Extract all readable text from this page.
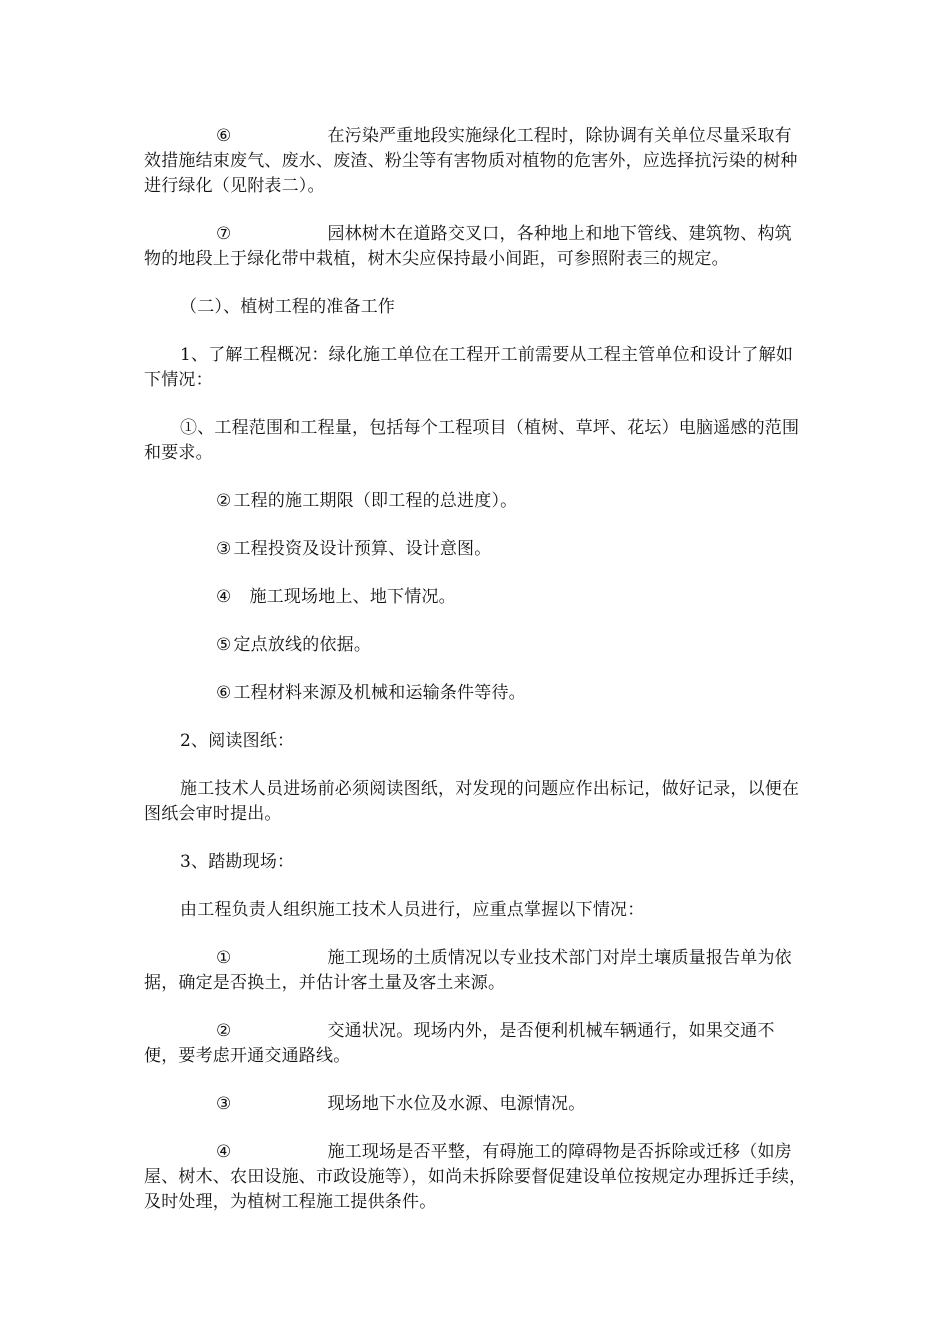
⑥	在污染严重地段实施绿化工程时，除协调有关单位尽量采取有效措施结束废气、废水、废渣、粉尘等有害物质对植物的危害外，应选择抗污染的树种进行绿化（见附表二）。

⑦	园林树木在道路交叉口，各种地上和地下管线、建筑物、构筑物的地段上于绿化带中栽植，树木尖应保持最小间距，可参照附表三的规定。

（二）、植树工程的准备工作

1、了解工程概况：绿化施工单位在工程开工前需要从工程主管单位和设计了解如下情况：

①、工程范围和工程量，包括每个工程项目（植树、草坪、花坛）电脑遥感的范围和要求。

② 工程的施工期限（即工程的总进度）。

③ 工程投资及设计预算、设计意图。

④ 施工现场地上、地下情况。

⑤ 定点放线的依据。

⑥ 工程材料来源及机械和运输条件等待。

2、阅读图纸：

施工技术人员进场前必须阅读图纸，对发现的问题应作出标记，做好记录，以便在图纸会审时提出。

3、踏勘现场：

由工程负责人组织施工技术人员进行，应重点掌握以下情况：

①	施工现场的土质情况以专业技术部门对岸土壤质量报告单为依据，确定是否换土，并估计客土量及客土来源。

②	交通状况。现场内外，是否便利机械车辆通行，如果交通不便，要考虑开通交通路线。

③	现场地下水位及水源、电源情况。

④	施工现场是否平整，有碍施工的障碍物是否拆除或迁移（如房屋、树木、农田设施、市政设施等），如尚未拆除要督促建设单位按规定办理拆迁手续，及时处理，为植树工程施工提供条件。
